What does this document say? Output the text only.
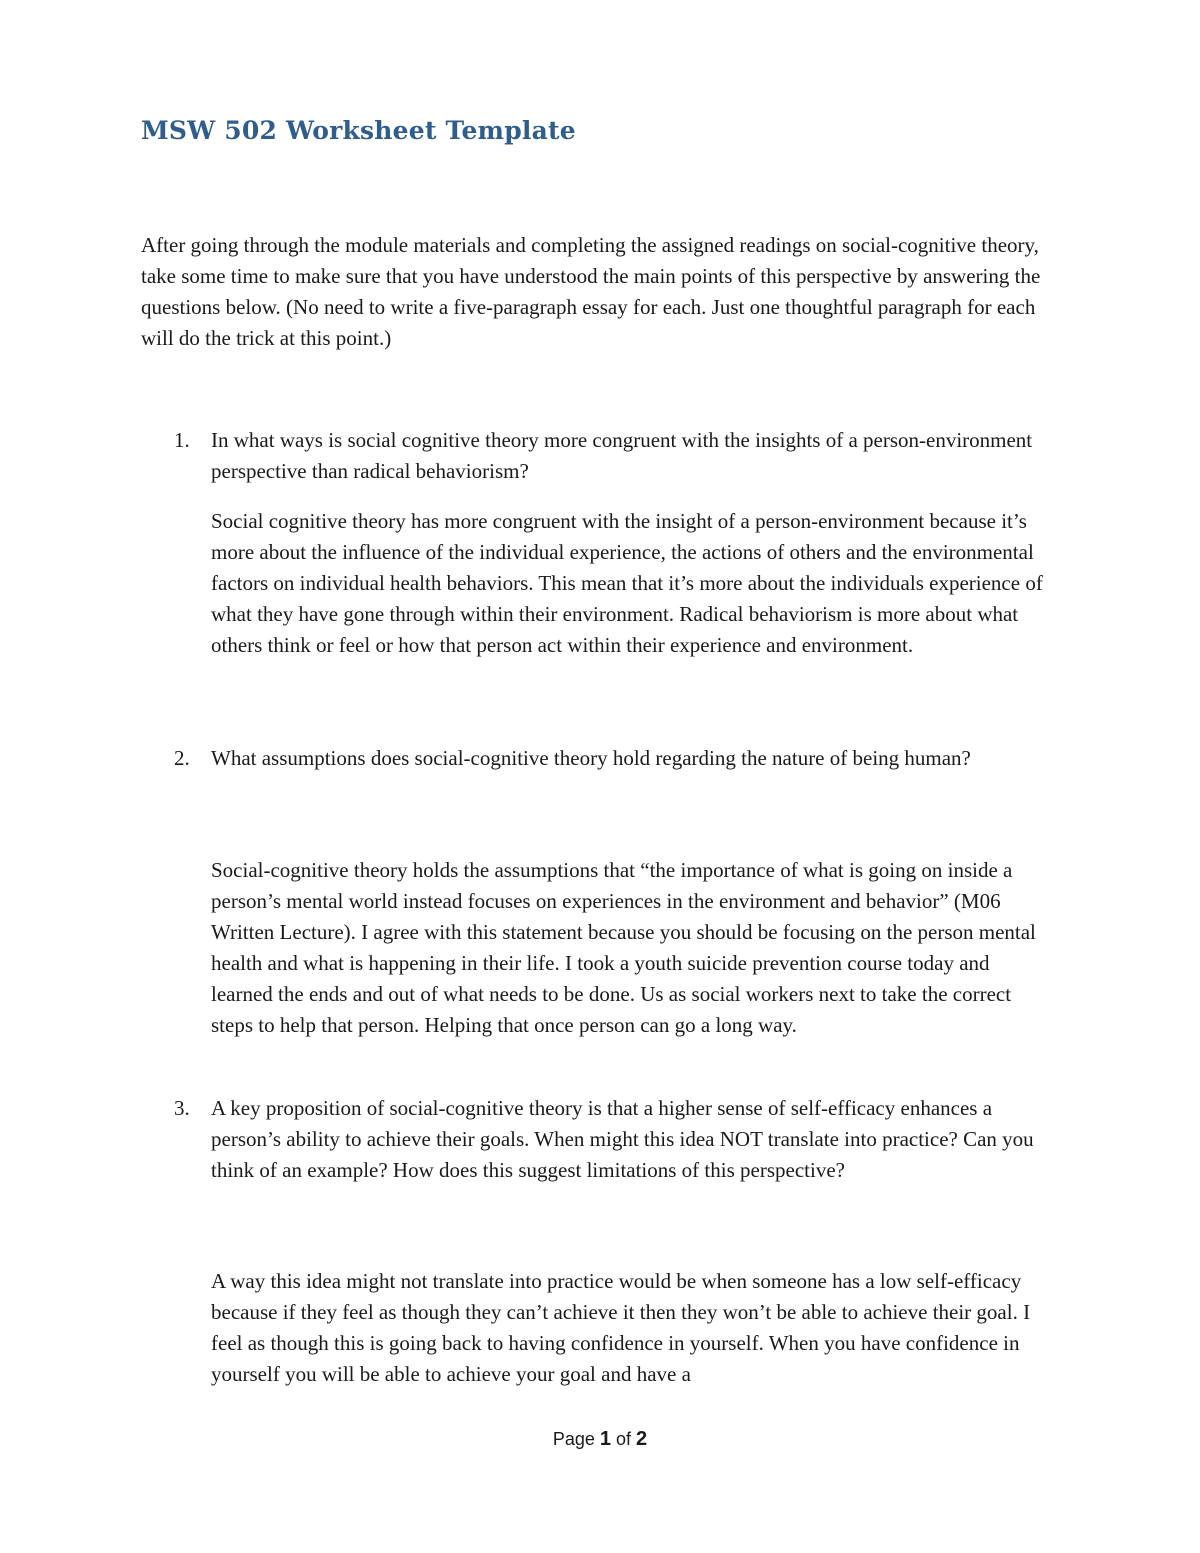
MSW 502 Worksheet Template

After going through the module materials and completing the assigned readings on social-cognitive theory, take some time to make sure that you have understood the main points of this perspective by answering the questions below. (No need to write a five-paragraph essay for each. Just one thoughtful paragraph for each will do the trick at this point.)

1.	In what ways is social cognitive theory more congruent with the insights of a person-environment perspective than radical behaviorism?

2.	What assumptions does social-cognitive theory hold regarding the nature of being human?

3.	A key proposition of social-cognitive theory is that a higher sense of self-efficacy enhances a person’s ability to achieve their goals. When might this idea NOT translate into practice? Can you think of an example? How does this suggest limitations of this perspective?

Social cognitive theory has more congruent with the insight of a person-environment because it’s more about the influence of the individual experience, the actions of others and the environmental factors on individual health behaviors. This mean that it’s more about the individuals experience of what they have gone through within their environment. Radical behaviorism is more about what others think or feel or how that person act within their experience and environment.

Social-cognitive theory holds the assumptions that “the importance of what is going on inside a person’s mental world instead focuses on experiences in the environment and behavior” (M06 Written Lecture). I agree with this statement because you should be focusing on the person mental health and what is happening in their life. I took a youth suicide prevention course today and learned the ends and out of what needs to be done. Us as social workers next to take the correct steps to help that person. Helping that once person can go a long way.

A way this idea might not translate into practice would be when someone has a low self-efficacy because if they feel as though they can’t achieve it then they won’t be able to achieve their goal. I feel as though this is going back to having confidence in yourself. When you have confidence in yourself you will be able to achieve your goal and have a

Page 1 of 2
